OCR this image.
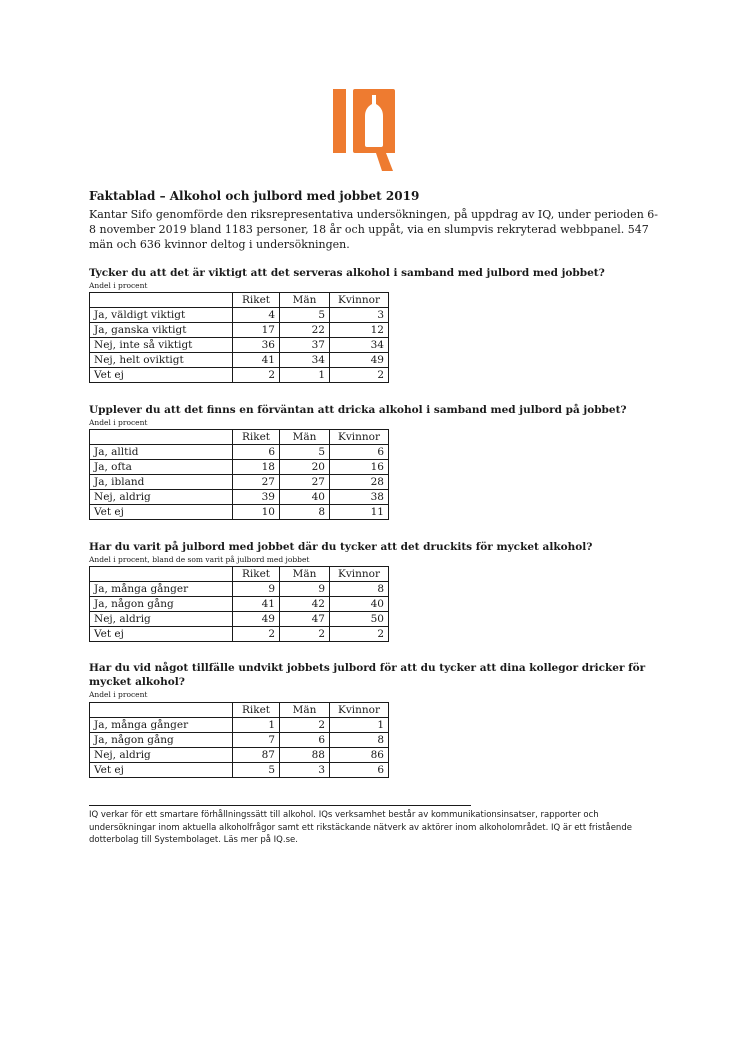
Faktablad – Alkohol och julbord med jobbet 2019

Kantar Sifo genomförde den riksrepresentativa undersökningen, på uppdrag av IQ, under perioden 6-8 november 2019 bland 1183 personer, 18 år och uppåt, via en slumpvis rekryterad webbpanel. 547 män och 636 kvinnor deltog i undersökningen.

Tycker du att det är viktigt att det serveras alkohol i samband med julbord med jobbet?

Andel i procent

	Riket	Män	Kvinnor
Ja, väldigt viktigt	4	5	3
Ja, ganska viktigt	17	22	12
Nej, inte så viktigt	36	37	34
Nej, helt oviktigt	41	34	49
Vet ej	2	1	2

Upplever du att det finns en förväntan att dricka alkohol i samband med julbord på jobbet?

Andel i procent

	Riket	Män	Kvinnor
Ja, alltid	6	5	6
Ja, ofta	18	20	16
Ja, ibland	27	27	28
Nej, aldrig	39	40	38
Vet ej	10	8	11

Har du varit på julbord med jobbet där du tycker att det druckits för mycket alkohol?

Andel i procent, bland de som varit på julbord med jobbet

	Riket	Män	Kvinnor
Ja, många gånger	9	9	8
Ja, någon gång	41	42	40
Nej, aldrig	49	47	50
Vet ej	2	2	2

Har du vid något tillfälle undvikt jobbets julbord för att du tycker att dina kollegor dricker för mycket alkohol?

Andel i procent

	Riket	Män	Kvinnor
Ja, många gånger	1	2	1
Ja, någon gång	7	6	8
Nej, aldrig	87	88	86
Vet ej	5	3	6

IQ verkar för ett smartare förhållningssätt till alkohol. IQs verksamhet består av kommunikationsinsatser, rapporter och undersökningar inom aktuella alkoholfrågor samt ett rikstäckande nätverk av aktörer inom alkoholområdet. IQ är ett fristående dotterbolag till Systembolaget. Läs mer på IQ.se.
